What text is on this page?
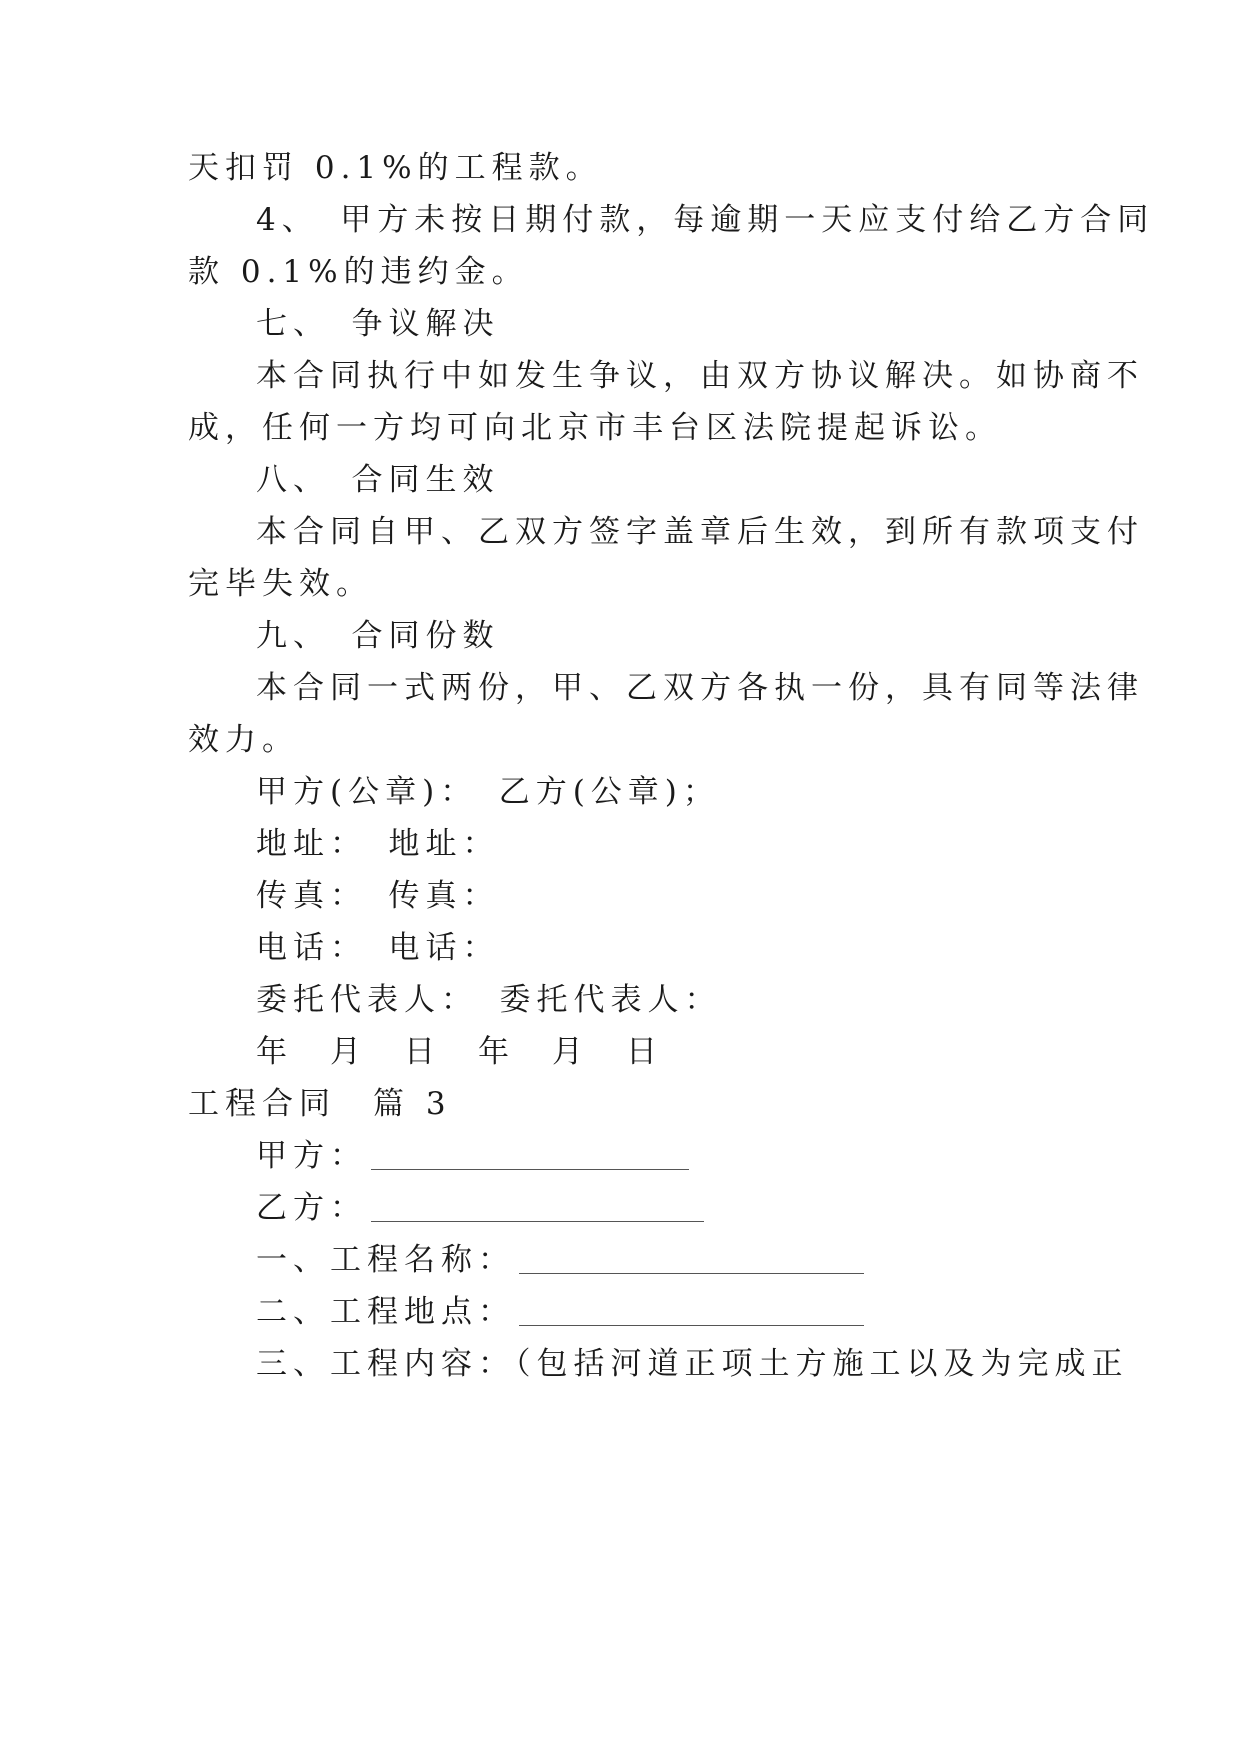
天扣罚 0.1%的工程款。
4、　甲方未按日期付款，每逾期一天应支付给乙方合同
款 0.1%的违约金。
七、　争议解决
本合同执行中如发生争议，由双方协议解决。如协商不
成，任何一方均可向北京市丰台区法院提起诉讼。
八、　合同生效
本合同自甲、乙双方签字盖章后生效，到所有款项支付
完毕失效。
九、　合同份数
本合同一式两份，甲、乙双方各执一份，具有同等法律
效力。
甲方(公章)：　乙方(公章)；
地址：　地址：
传真：　传真：
电话：　电话：
委托代表人：　委托代表人：
年　月　日　年　月　日
工程合同　篇 3
甲方：
乙方：
一、工程名称：
二、工程地点：
三、工程内容：（包括河道正项土方施工以及为完成正
